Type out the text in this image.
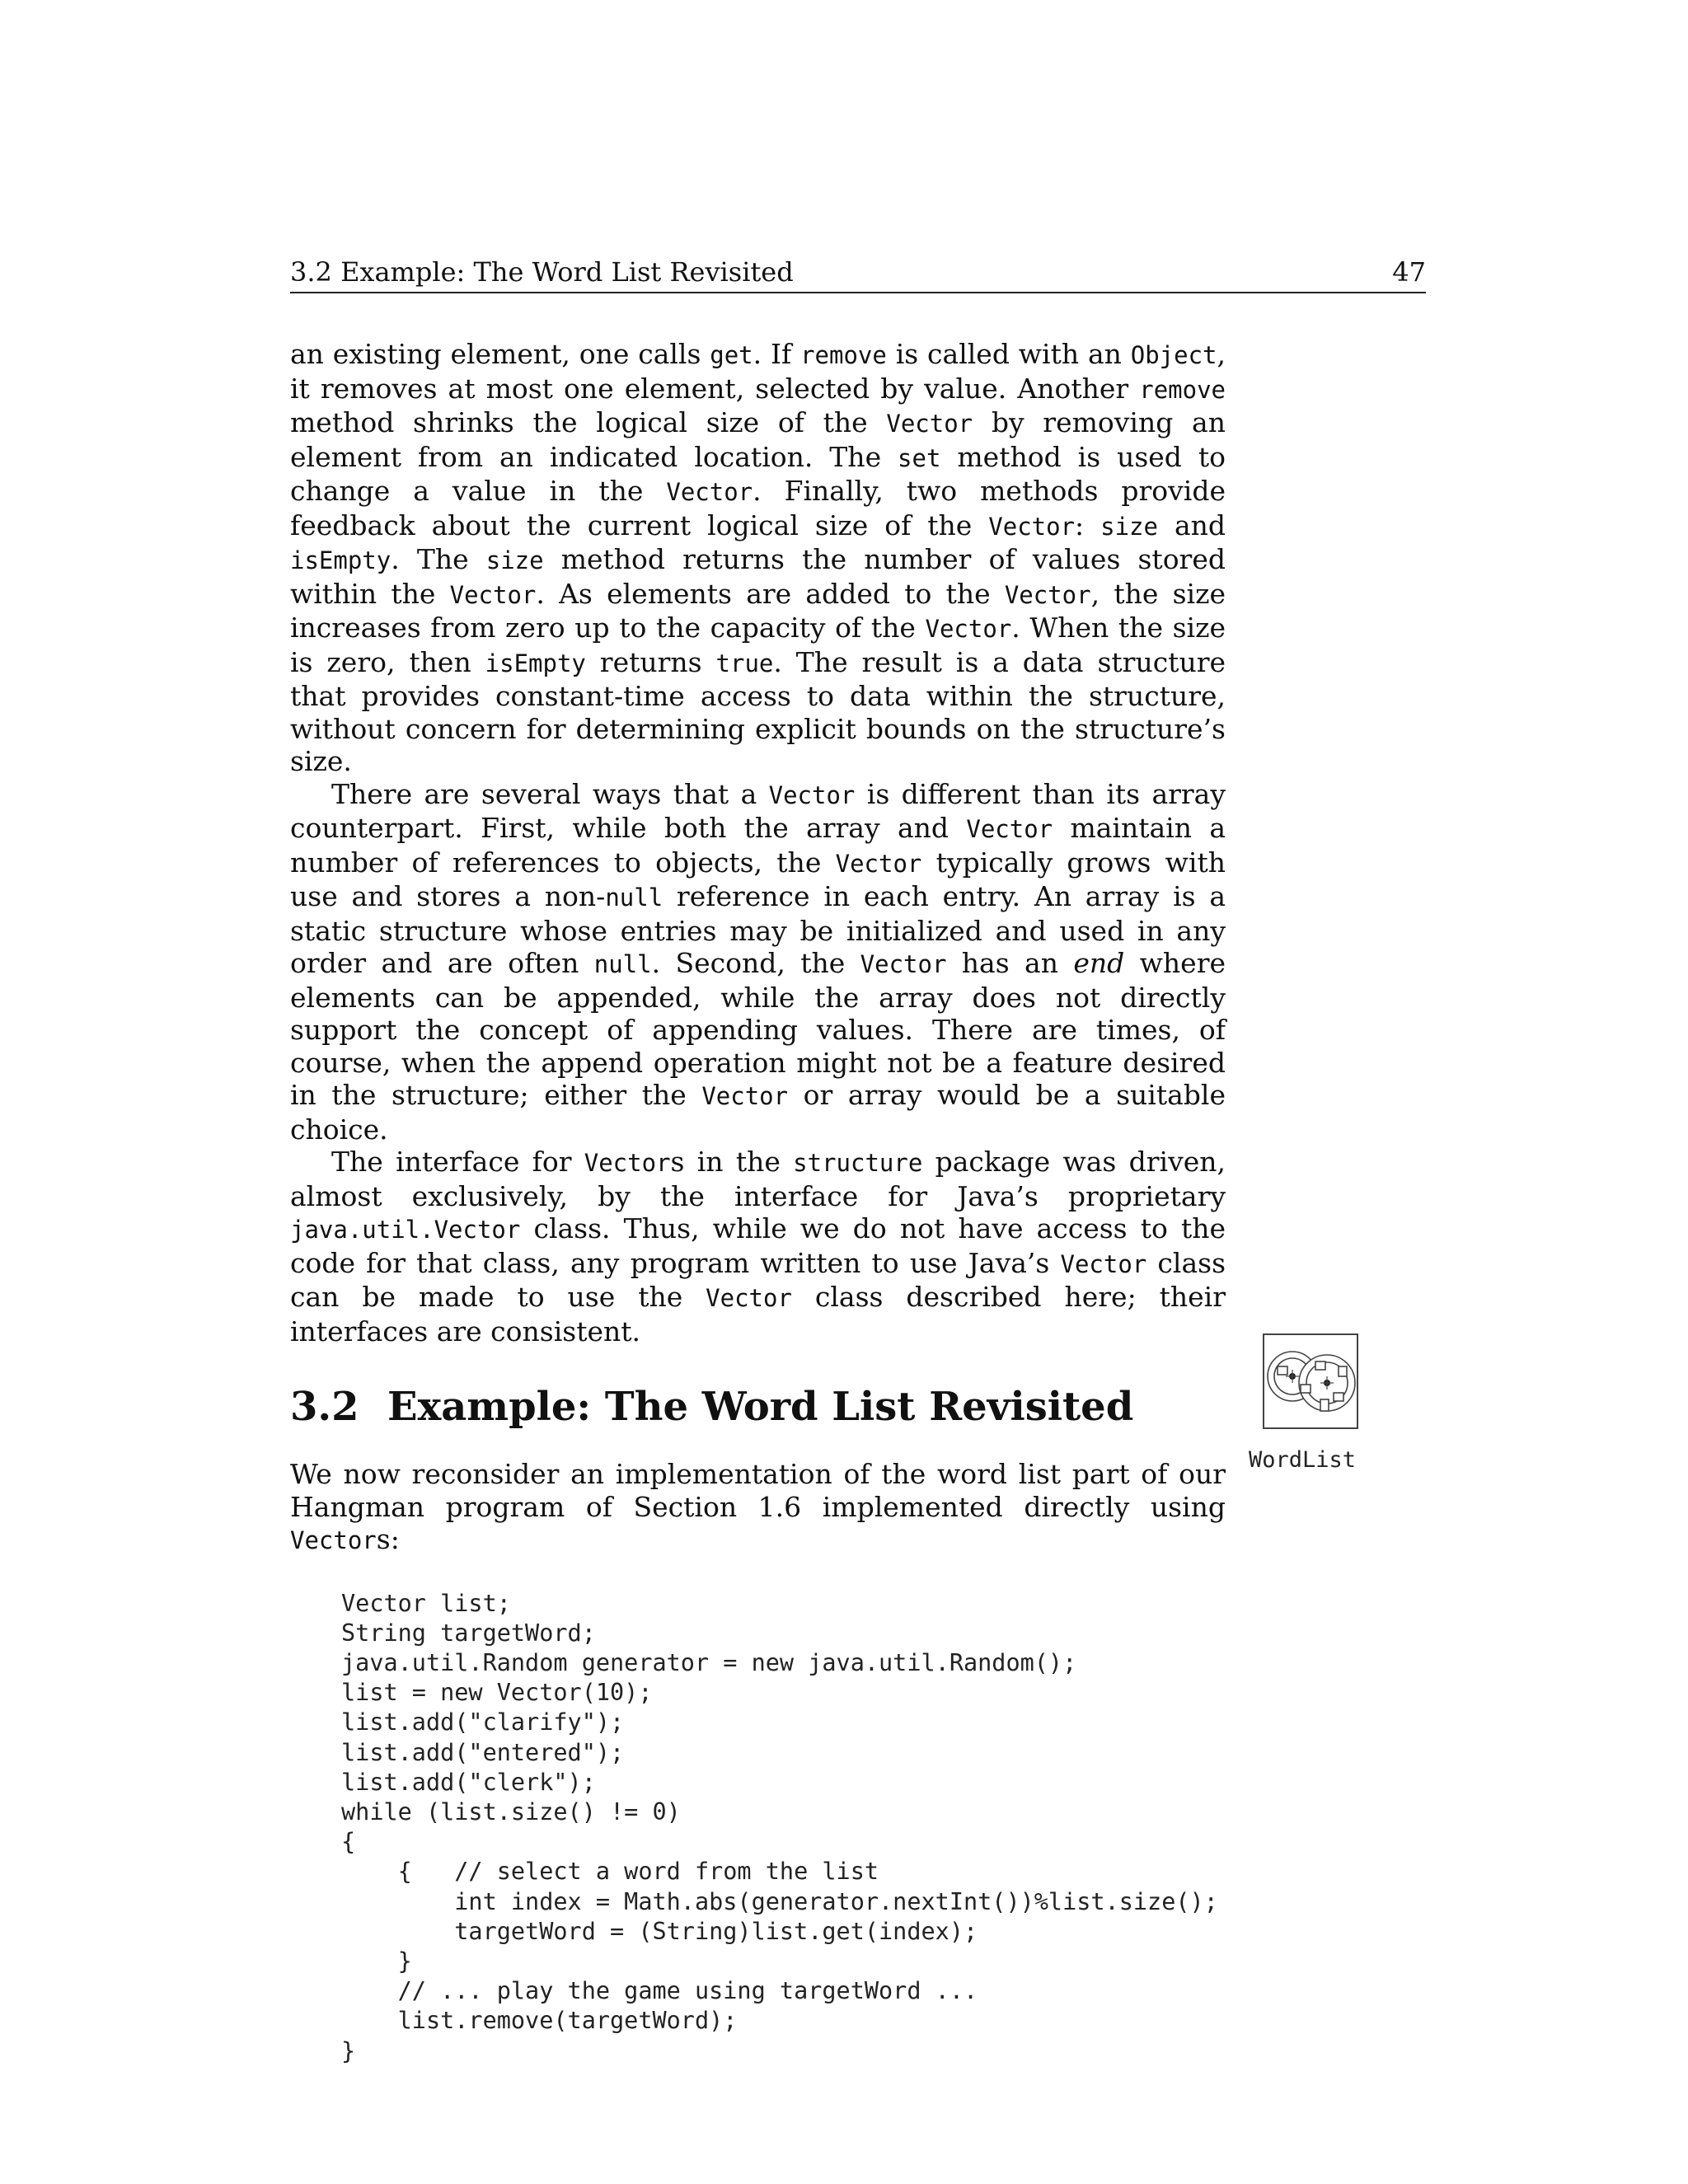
3.2 Example: The Word List Revisited	47

an existing element, one calls get. If remove is called with an Object, it removes at most one element, selected by value. Another remove method shrinks the logical size of the Vector by removing an element from an indicated location. The set method is used to change a value in the Vector. Finally, two methods provide feedback about the current logical size of the Vector: size and isEmpty. The size method returns the number of values stored within the Vector. As elements are added to the Vector, the size increases from zero up to the capacity of the Vector. When the size is zero, then isEmpty returns true. The result is a data structure that provides constant-time access to data within the structure, without concern for determining explicit bounds on the structure’s size.

There are several ways that a Vector is different than its array counterpart. First, while both the array and Vector maintain a number of references to objects, the Vector typically grows with use and stores a non-null reference in each entry. An array is a static structure whose entries may be initialized and used in any order and are often null. Second, the Vector has an end where elements can be appended, while the array does not directly support the concept of appending values. There are times, of course, when the append operation might not be a feature desired in the structure; either the Vector or array would be a suitable choice.

The interface for Vectors in the structure package was driven, almost exclusively, by the interface for Java’s proprietary java.util.Vector class. Thus, while we do not have access to the code for that class, any program written to use Java’s Vector class can be made to use the Vector class described here; their interfaces are consistent.

3.2 Example: The Word List Revisited

We now reconsider an implementation of the word list part of our Hangman program of Section 1.6 implemented directly using Vectors:

Vector list;
String targetWord;
java.util.Random generator = new java.util.Random();
list = new Vector(10);
list.add("clarify");
list.add("entered");
list.add("clerk");
while (list.size() != 0)
{
{   // select a word from the list
int index = Math.abs(generator.nextInt())%list.size();
targetWord = (String)list.get(index);
}
// ... play the game using targetWord ...
list.remove(targetWord);
}
WordList
